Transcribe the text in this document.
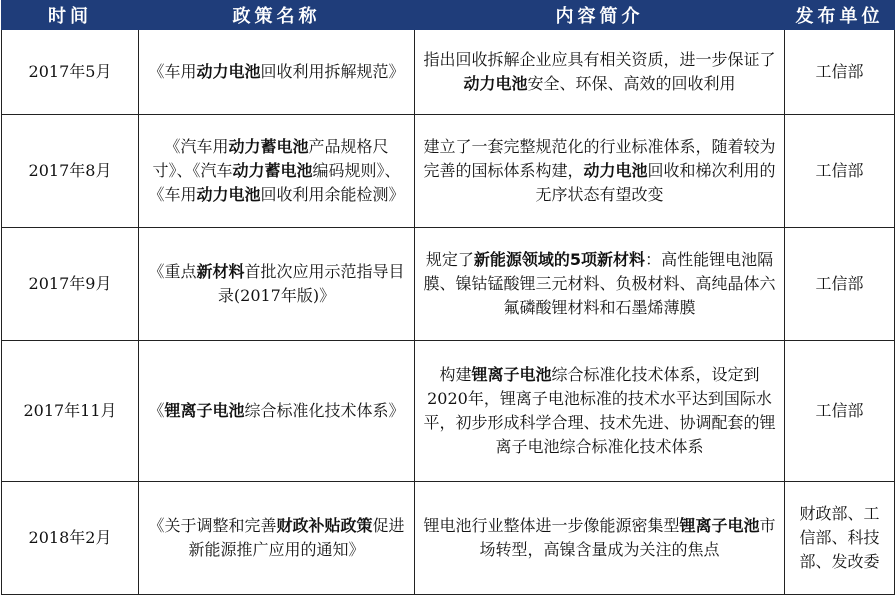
时间	政策名称	内容简介	发布单位
2017年5月	《车用动力电池回收利用拆解规范》	指出回收拆解企业应具有相关资质，进一步保证了动力电池安全、环保、高效的回收利用	工信部
2017年8月	《汽车用动力蓄电池产品规格尺寸》、《汽车动力蓄电池编码规则》、《车用动力电池回收利用余能检测》	建立了一套完整规范化的行业标准体系，随着较为完善的国标体系构建，动力电池回收和梯次利用的无序状态有望改变	工信部
2017年9月	《重点新材料首批次应用示范指导目录(2017年版)》	规定了新能源领域的5项新材料：高性能锂电池隔膜、镍钴锰酸锂三元材料、负极材料、高纯晶体六氟磷酸锂材料和石墨烯薄膜	工信部
2017年11月	《锂离子电池综合标准化技术体系》	构建锂离子电池综合标准化技术体系，设定到2020年，锂离子电池标准的技术水平达到国际水平，初步形成科学合理、技术先进、协调配套的锂离子电池综合标准化技术体系	工信部
2018年2月	《关于调整和完善财政补贴政策促进新能源推广应用的通知》	锂电池行业整体进一步像能源密集型锂离子电池市场转型，高镍含量成为关注的焦点	财政部、工信部、科技部、发改委
